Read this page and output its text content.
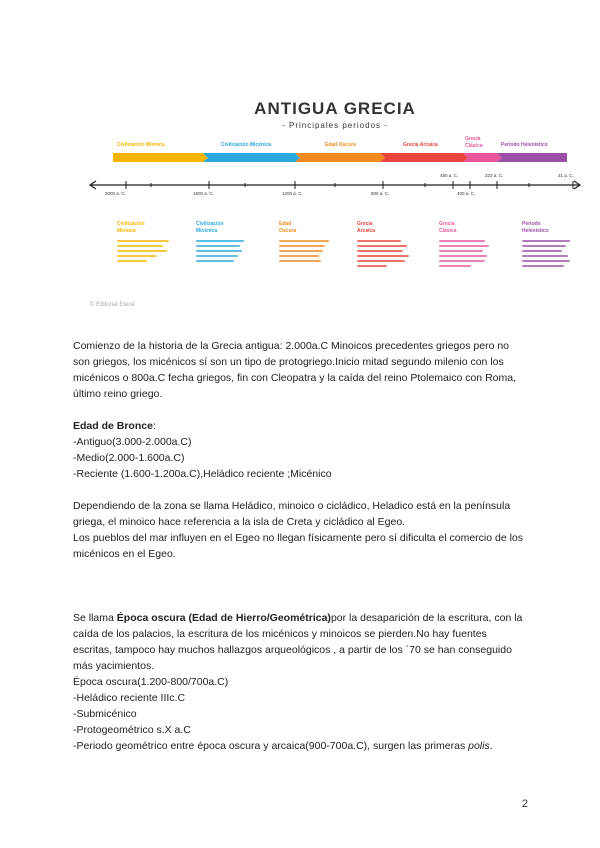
ANTIGUA GRECIA
- Principales periodos -
Civilización Minoica	Civilización Micénica	Edad Oscura	Grecia Arcaica
Grecia Clásica	Periodo Helenístico
2000 a. C.	1600 a. C.	1200 a. C.	800 a. C.
480 a. C.	323 a. C.
400 a. C.
31 a. C.
Civilización
Minoica
Civilización
Micénica
Edad
Oscura
Grecia
Arcaica
Grecia
Clásica
Periodo
Helenístico
© Editorial Etecé

Comienzo de la historia de la Grecia antigua: 2.000a.C Minoicos precedentes griegos pero no son griegos, los micénicos sí son un tipo de protogriego.Inicio mitad segundo milenio con los micénicos o 800a.C fecha griegos, fin con Cleopatra y la caída del reino Ptolemaico con Roma, último reino griego.

Edad de Bronce:

-Antiguo(3.000-2.000a.C)

-Medio(2.000-1.600a.C)

-Reciente (1.600-1.200a.C),Heládico reciente ;Micénico

Dependiendo de la zona se llama Heládico, minoico o cicládico, Heladico está en la península griega, el minoico hace referencia a la isla de Creta y cicládico al Egeo.

Los pueblos del mar influyen en el Egeo no llegan físicamente pero sí dificulta el comercio de los micénicos en el Egeo.

Se llama Época oscura (Edad de Hierro/Geométrica)por la desaparición de la escritura, con la caída de los palacios, la escritura de los micénicos y minoicos se pierden.No hay fuentes escritas, tampoco hay muchos hallazgos arqueológicos , a partir de los ´70 se han conseguido más yacimientos.

Época oscura(1.200-800/700a.C)

-Heládico reciente IIIc.C

-Submicénico

-Protogeométrico s.X a.C

-Periodo geométrico entre época oscura y arcaica(900-700a.C), surgen las primeras polis.

2
